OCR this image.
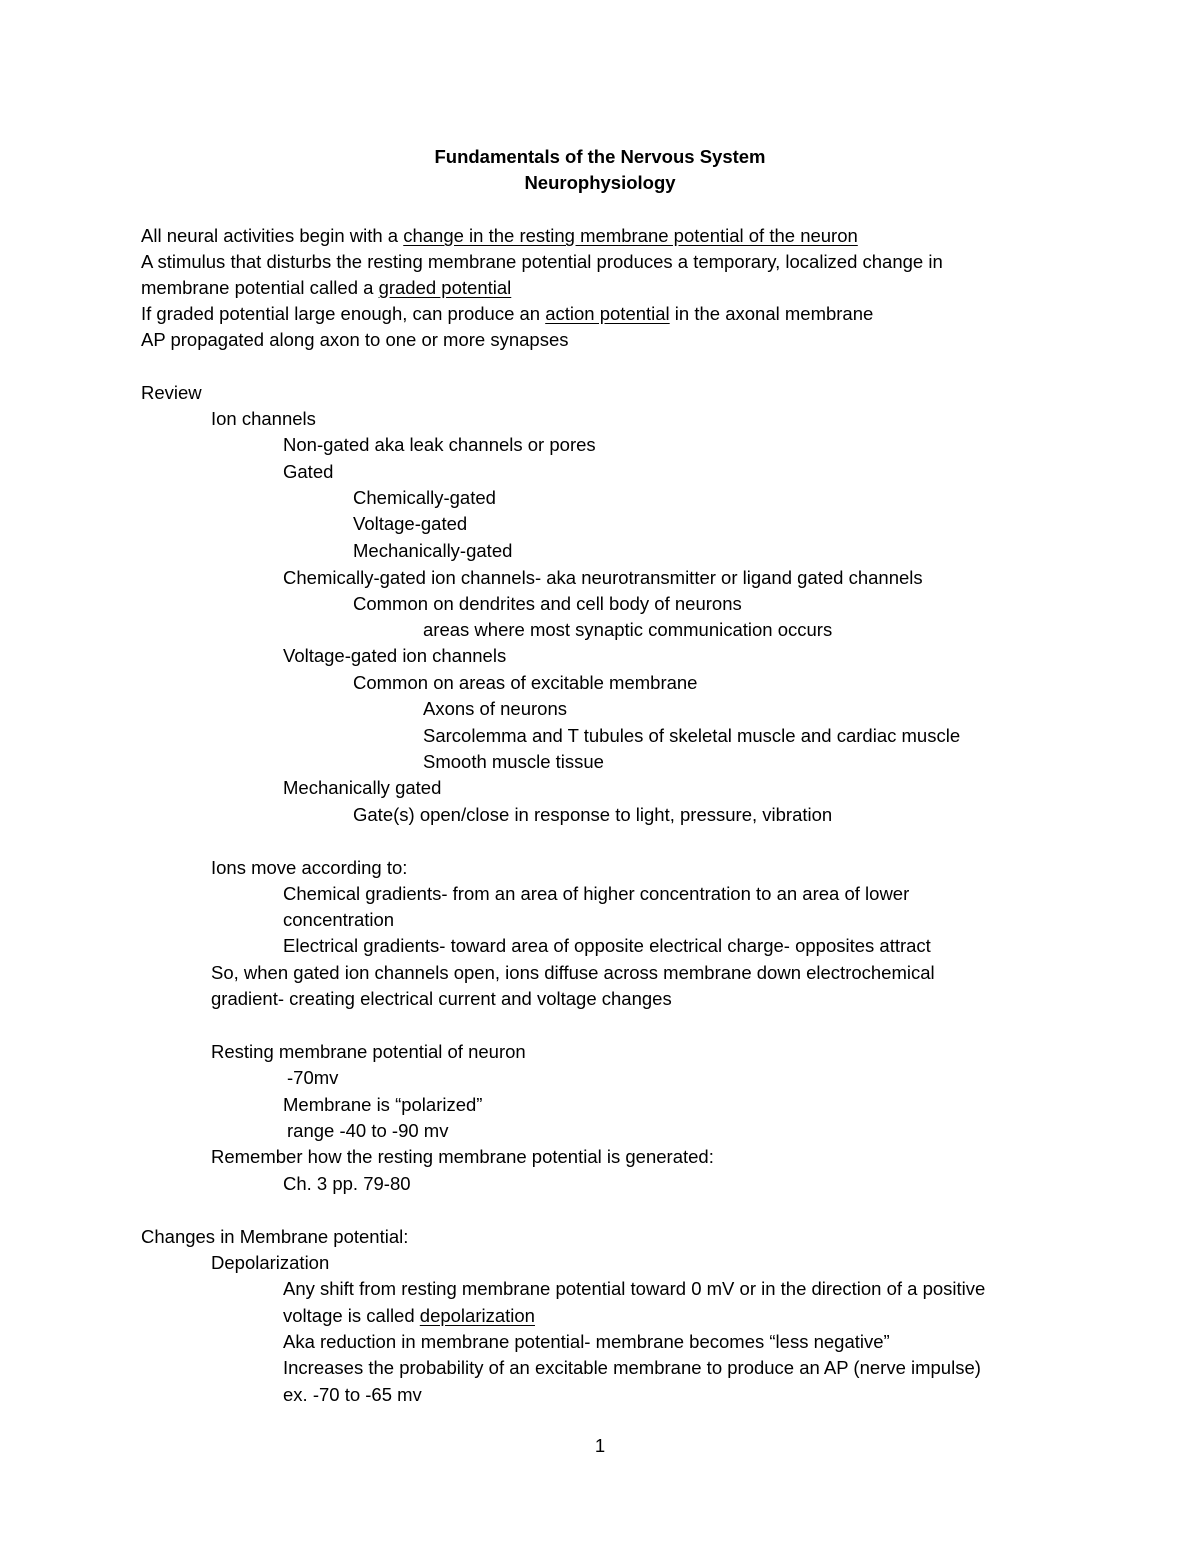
Fundamentals of the Nervous System
Neurophysiology
All neural activities begin with a change in the resting membrane potential of the neuron
A stimulus that disturbs the resting membrane potential produces a temporary, localized change in
membrane potential called a graded potential
If graded potential large enough, can produce an action potential in the axonal membrane
AP propagated along axon to one or more synapses
Review
Ion channels
Non-gated aka leak channels or pores
Gated
Chemically-gated
Voltage-gated
Mechanically-gated
Chemically-gated ion channels- aka neurotransmitter or ligand gated channels
Common on dendrites and cell body of neurons
areas where most synaptic communication occurs
Voltage-gated ion channels
Common on areas of excitable membrane
Axons of neurons
Sarcolemma and T tubules of skeletal muscle and cardiac muscle
Smooth muscle tissue
Mechanically gated
Gate(s) open/close in response to light, pressure, vibration
Ions move according to:
Chemical gradients- from an area of higher concentration to an area of lower
concentration
Electrical gradients- toward area of opposite electrical charge- opposites attract
So, when gated ion channels open, ions diffuse across membrane down electrochemical
gradient- creating electrical current and voltage changes
Resting membrane potential of neuron
-70mv
Membrane is “polarized”
range -40 to -90 mv
Remember how the resting membrane potential is generated:
Ch. 3 pp. 79-80
Changes in Membrane potential:
Depolarization
Any shift from resting membrane potential toward 0 mV or in the direction of a positive
voltage is called depolarization
Aka reduction in membrane potential- membrane becomes “less negative”
Increases the probability of an excitable membrane to produce an AP (nerve impulse)
ex. -70 to -65 mv
1
